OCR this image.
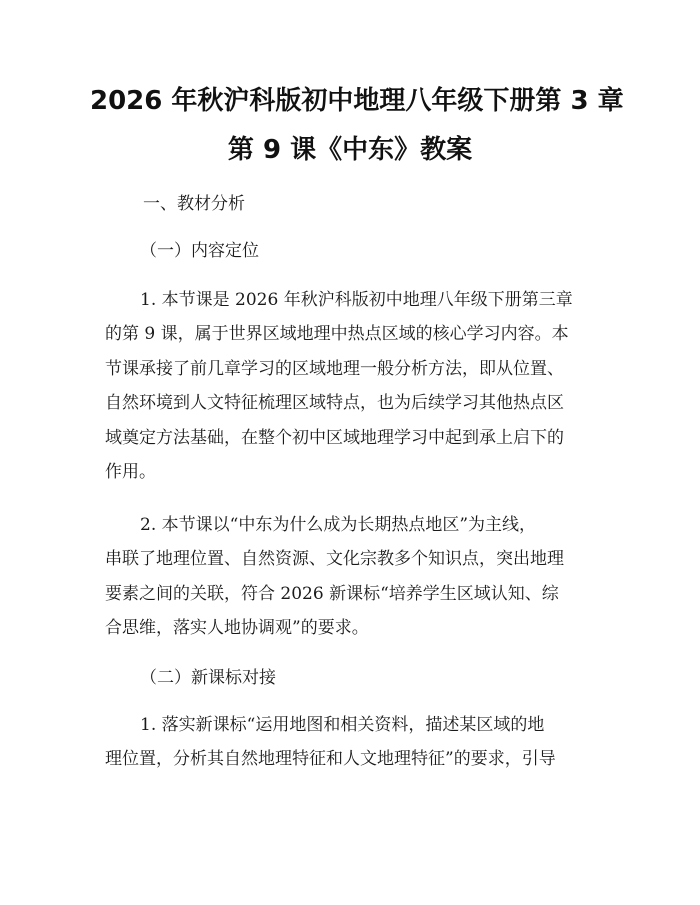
2026 年秋沪科版初中地理八年级下册第 3 章
第 9 课《中东》教案
一、教材分析
（一）内容定位
1. 本节课是 2026 年秋沪科版初中地理八年级下册第三章
的第 9 课，属于世界区域地理中热点区域的核心学习内容。本
节课承接了前几章学习的区域地理一般分析方法，即从位置、
自然环境到人文特征梳理区域特点，也为后续学习其他热点区
域奠定方法基础，在整个初中区域地理学习中起到承上启下的
作用。
2. 本节课以“中东为什么成为长期热点地区”为主线，
串联了地理位置、自然资源、文化宗教多个知识点，突出地理
要素之间的关联，符合 2026 新课标“培养学生区域认知、综
合思维，落实人地协调观”的要求。
（二）新课标对接
1. 落实新课标“运用地图和相关资料，描述某区域的地
理位置，分析其自然地理特征和人文地理特征”的要求，引导
